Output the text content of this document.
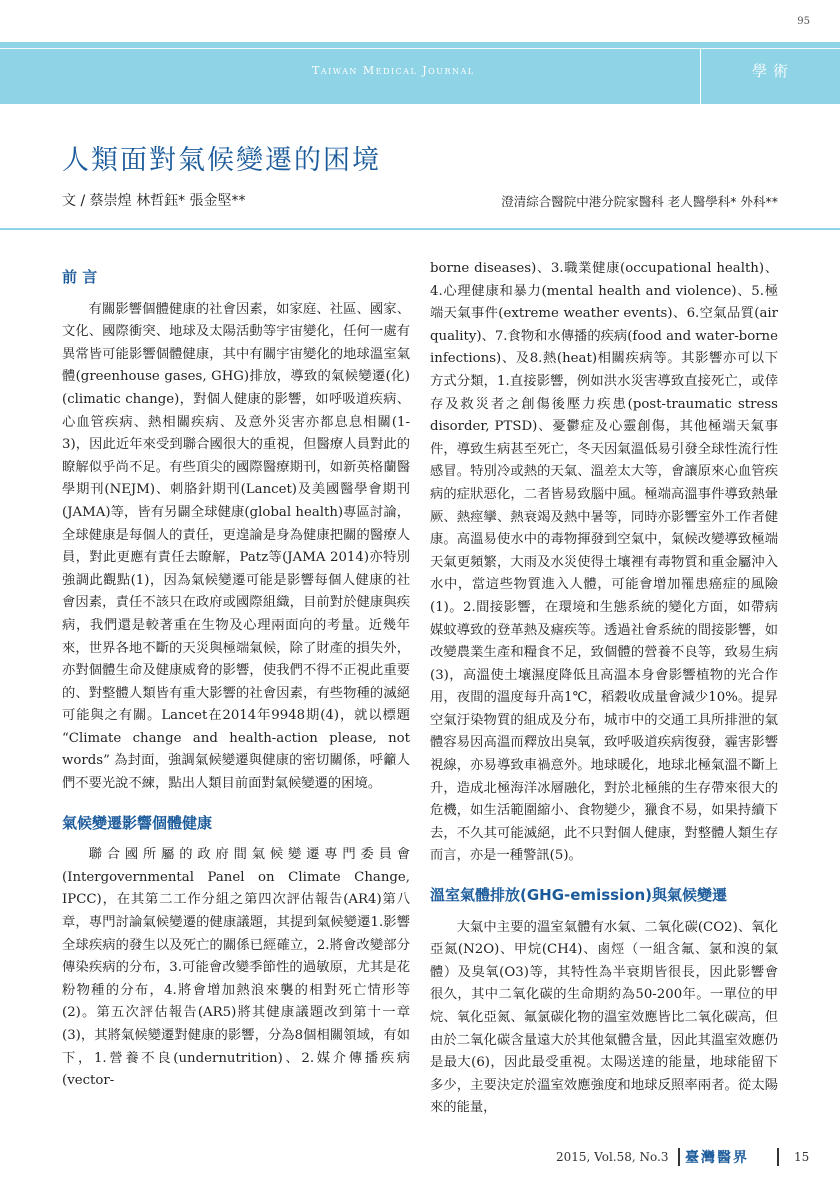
95
Taiwan Medical Journal	學術
人類面對氣候變遷的困境
文 / 蔡崇煌 林哲鈺* 張金堅**	澄清綜合醫院中港分院家醫科 老人醫學科* 外科**
前 言

有關影響個體健康的社會因素，如家庭、社區、國家、文化、國際衝突、地球及太陽活動等宇宙變化，任何一處有異常皆可能影響個體健康，其中有關宇宙變化的地球溫室氣體(greenhouse gases, GHG)排放，導致的氣候變遷(化)(climatic change)，對個人健康的影響，如呼吸道疾病、心血管疾病、熱相關疾病、及意外災害亦都息息相關(1-3)，因此近年來受到聯合國很大的重視，但醫療人員對此的瞭解似乎尚不足。有些頂尖的國際醫療期刊，如新英格蘭醫學期刊(NEJM)、刺胳針期刊(Lancet)及美國醫學會期刊(JAMA)等，皆有另闢全球健康(global health)專區討論，全球健康是每個人的責任，更遑論是身為健康把關的醫療人員，對此更應有責任去瞭解，Patz等(JAMA 2014)亦特別強調此觀點(1)，因為氣候變遷可能是影響每個人健康的社會因素，責任不該只在政府或國際組織，目前對於健康與疾病，我們還是較著重在生物及心理兩面向的考量。近幾年來，世界各地不斷的天災與極端氣候，除了財產的損失外，亦對個體生命及健康威脅的影響，使我們不得不正視此重要的、對整體人類皆有重大影響的社會因素，有些物種的滅絕可能與之有關。Lancet在2014年9948期(4)，就以標題 “Climate change and health-action please, not words” 為封面，強調氣候變遷與健康的密切關係，呼籲人們不要光說不練，點出人類目前面對氣候變遷的困境。

氣候變遷影響個體健康

聯合國所屬的政府間氣候變遷專門委員會(Intergovernmental Panel on Climate Change, IPCC)，在其第二工作分組之第四次評估報告(AR4)第八章，專門討論氣候變遷的健康議題，其提到氣候變遷1.影響全球疾病的發生以及死亡的關係已經確立，2.將會改變部分傳染疾病的分布，3.可能會改變季節性的過敏原，尤其是花粉物種的分布，4.將會增加熱浪來襲的相對死亡情形等(2)。第五次評估報告(AR5)將其健康議題改到第十一章(3)，其將氣候變遷對健康的影響，分為8個相關領域，有如下，1.營養不良(undernutrition)、2.媒介傳播疾病(vector-

borne diseases)、3.職業健康(occupational health)、4.心理健康和暴力(mental health and violence)、5.極端天氣事件(extreme weather events)、6.空氣品質(air quality)、7.食物和水傳播的疾病(food and water-borne infections)、及8.熱(heat)相關疾病等。其影響亦可以下方式分類，1.直接影響，例如洪水災害導致直接死亡，或倖存及救災者之創傷後壓力疾患(post-traumatic stress disorder, PTSD)、憂鬱症及心靈創傷，其他極端天氣事件，導致生病甚至死亡，冬天因氣溫低易引發全球性流行性感冒。特別冷或熱的天氣、溫差太大等，會讓原來心血管疾病的症狀惡化，二者皆易致腦中風。極端高溫事件導致熱暈厥、熱痙攣、熱衰竭及熱中暑等，同時亦影響室外工作者健康。高溫易使水中的毒物揮發到空氣中，氣候改變導致極端天氣更頻繁，大雨及水災使得土壤裡有毒物質和重金屬沖入水中，當這些物質進入人體，可能會增加罹患癌症的風險(1)。2.間接影響，在環境和生態系統的變化方面，如帶病媒蚊導致的登革熱及瘧疾等。透過社會系統的間接影響，如改變農業生產和糧食不足，致個體的營養不良等，致易生病(3)，高溫使土壤濕度降低且高溫本身會影響植物的光合作用，夜間的溫度每升高1℃，稻穀收成量會減少10%。提昇空氣汙染物質的組成及分布，城市中的交通工具所排泄的氣體容易因高溫而釋放出臭氧，致呼吸道疾病復發，霾害影響視線，亦易導致車禍意外。地球暖化，地球北極氣溫不斷上升，造成北極海洋冰層融化，對於北極熊的生存帶來很大的危機，如生活範圍縮小、食物變少，獵食不易，如果持續下去，不久其可能滅絕，此不只對個人健康，對整體人類生存而言，亦是一種警訊(5)。

溫室氣體排放(GHG-emission)與氣候變遷

大氣中主要的溫室氣體有水氣、二氧化碳(CO2)、氧化亞氮(N2O)、甲烷(CH4)、鹵烴（一組含氟、氯和溴的氣體）及臭氧(O3)等，其特性為半衰期皆很長，因此影響會很久，其中二氧化碳的生命期約為50-200年。一單位的甲烷、氧化亞氮、氟氯碳化物的溫室效應皆比二氧化碳高，但由於二氧化碳含量遠大於其他氣體含量，因此其溫室效應仍是最大(6)，因此最受重視。太陽送達的能量，地球能留下多少，主要決定於溫室效應強度和地球反照率兩者。從太陽來的能量，

2015, Vol.58, No.3 臺灣醫界	15
